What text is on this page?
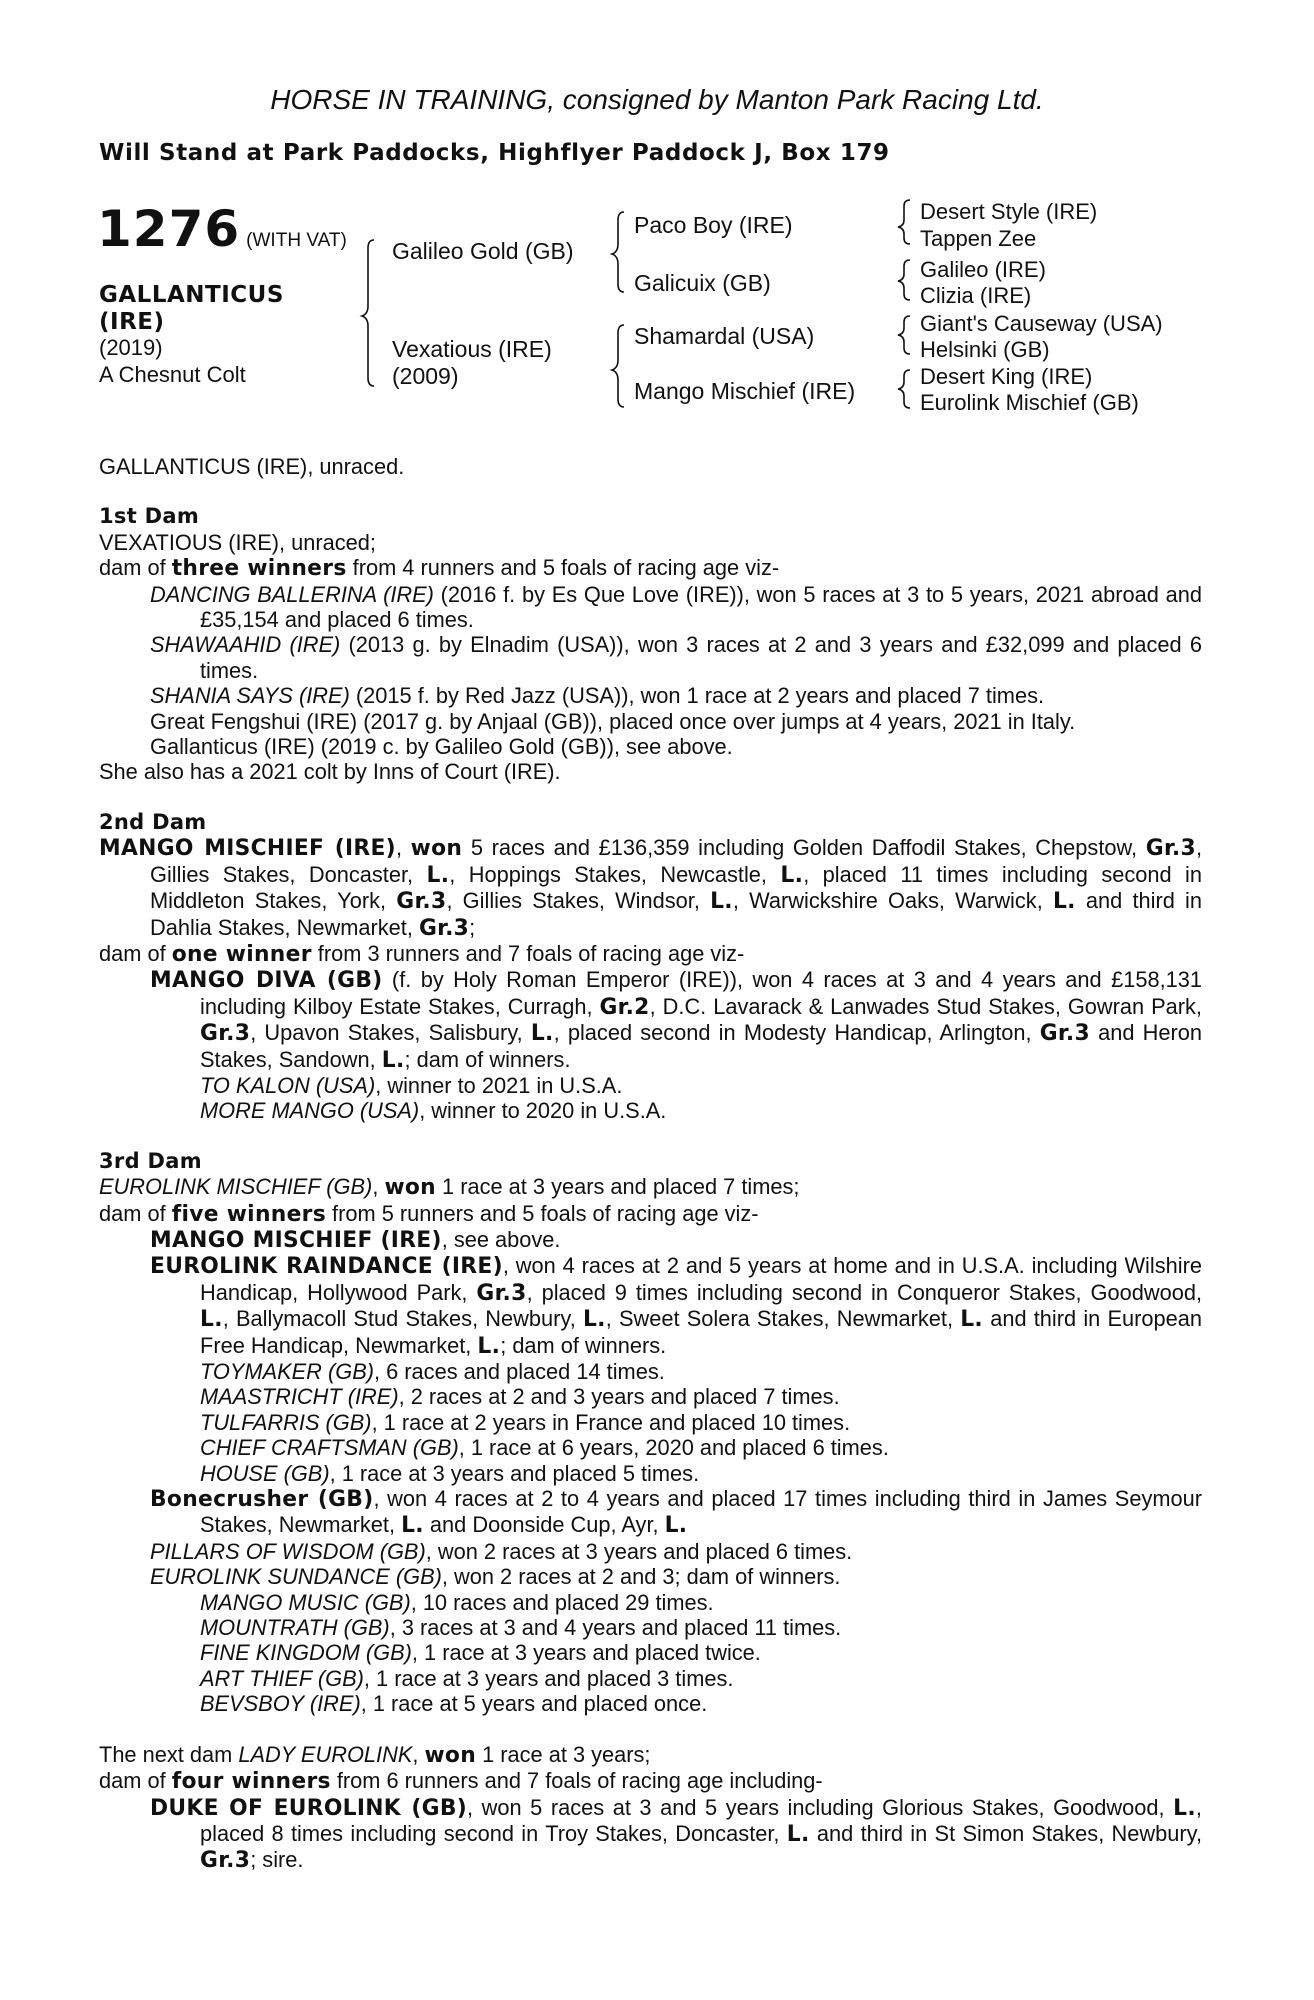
HORSE IN TRAINING, consigned by Manton Park Racing Ltd.
Will Stand at Park Paddocks, Highflyer Paddock J, Box 179
1276 (WITH VAT)
GALLANTICUS
(IRE)
(2019)
A Chesnut Colt
Galileo Gold (GB)
Vexatious (IRE)
(2009)
Paco Boy (IRE)
Galicuix (GB)
Shamardal (USA)
Mango Mischief (IRE)
Desert Style (IRE)
Tappen Zee
Galileo (IRE)
Clizia (IRE)
Giant's Causeway (USA)
Helsinki (GB)
Desert King (IRE)
Eurolink Mischief (GB)

GALLANTICUS (IRE), unraced.

1st Dam

VEXATIOUS (IRE), unraced;

dam of three winners from 4 runners and 5 foals of racing age viz-

DANCING BALLERINA (IRE) (2016 f. by Es Que Love (IRE)), won 5 races at 3 to 5 years, 2021 abroad and £35,154 and placed 6 times.

SHAWAAHID (IRE) (2013 g. by Elnadim (USA)), won 3 races at 2 and 3 years and £32,099 and placed 6 times.

SHANIA SAYS (IRE) (2015 f. by Red Jazz (USA)), won 1 race at 2 years and placed 7 times.

Great Fengshui (IRE) (2017 g. by Anjaal (GB)), placed once over jumps at 4 years, 2021 in Italy.

Gallanticus (IRE) (2019 c. by Galileo Gold (GB)), see above.

She also has a 2021 colt by Inns of Court (IRE).

2nd Dam

MANGO MISCHIEF (IRE), won 5 races and £136,359 including Golden Daffodil Stakes, Chepstow, Gr.3, Gillies Stakes, Doncaster, L., Hoppings Stakes, Newcastle, L., placed 11 times including second in Middleton Stakes, York, Gr.3, Gillies Stakes, Windsor, L., Warwickshire Oaks, Warwick, L. and third in Dahlia Stakes, Newmarket, Gr.3;

dam of one winner from 3 runners and 7 foals of racing age viz-

MANGO DIVA (GB) (f. by Holy Roman Emperor (IRE)), won 4 races at 3 and 4 years and £158,131 including Kilboy Estate Stakes, Curragh, Gr.2, D.C. Lavarack & Lanwades Stud Stakes, Gowran Park, Gr.3, Upavon Stakes, Salisbury, L., placed second in Modesty Handicap, Arlington, Gr.3 and Heron Stakes, Sandown, L.; dam of winners.

TO KALON (USA), winner to 2021 in U.S.A.

MORE MANGO (USA), winner to 2020 in U.S.A.

3rd Dam

EUROLINK MISCHIEF (GB), won 1 race at 3 years and placed 7 times;

dam of five winners from 5 runners and 5 foals of racing age viz-

MANGO MISCHIEF (IRE), see above.

EUROLINK RAINDANCE (IRE), won 4 races at 2 and 5 years at home and in U.S.A. including Wilshire Handicap, Hollywood Park, Gr.3, placed 9 times including second in Conqueror Stakes, Goodwood, L., Ballymacoll Stud Stakes, Newbury, L., Sweet Solera Stakes, Newmarket, L. and third in European Free Handicap, Newmarket, L.; dam of winners.

TOYMAKER (GB), 6 races and placed 14 times.

MAASTRICHT (IRE), 2 races at 2 and 3 years and placed 7 times.

TULFARRIS (GB), 1 race at 2 years in France and placed 10 times.

CHIEF CRAFTSMAN (GB), 1 race at 6 years, 2020 and placed 6 times.

HOUSE (GB), 1 race at 3 years and placed 5 times.

Bonecrusher (GB), won 4 races at 2 to 4 years and placed 17 times including third in James Seymour Stakes, Newmarket, L. and Doonside Cup, Ayr, L.

PILLARS OF WISDOM (GB), won 2 races at 3 years and placed 6 times.

EUROLINK SUNDANCE (GB), won 2 races at 2 and 3; dam of winners.

MANGO MUSIC (GB), 10 races and placed 29 times.

MOUNTRATH (GB), 3 races at 3 and 4 years and placed 11 times.

FINE KINGDOM (GB), 1 race at 3 years and placed twice.

ART THIEF (GB), 1 race at 3 years and placed 3 times.

BEVSBOY (IRE), 1 race at 5 years and placed once.

The next dam LADY EUROLINK, won 1 race at 3 years;

dam of four winners from 6 runners and 7 foals of racing age including-

DUKE OF EUROLINK (GB), won 5 races at 3 and 5 years including Glorious Stakes, Goodwood, L., placed 8 times including second in Troy Stakes, Doncaster, L. and third in St Simon Stakes, Newbury, Gr.3; sire.
